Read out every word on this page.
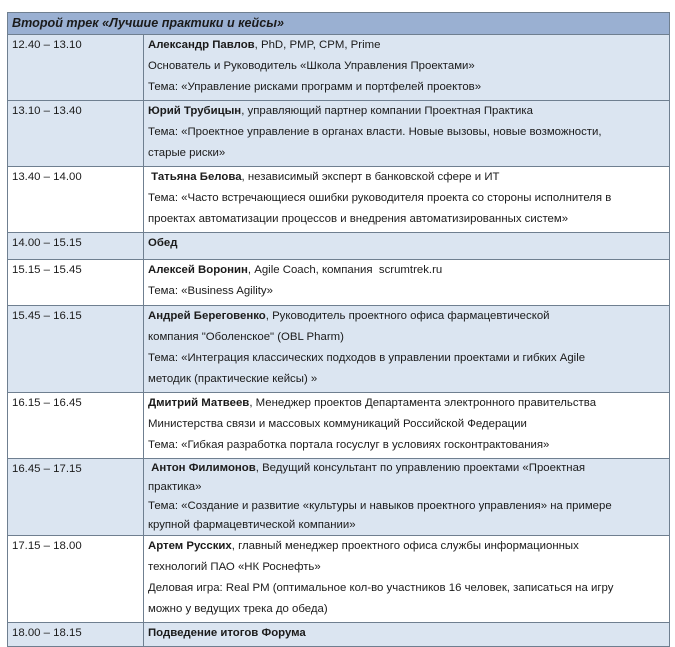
Второй трек «Лучшие практики и кейсы»	
12.40 – 13.10	Александр Павлов, PhD, PMP, CPM, Prime
Основатель и Руководитель «Школа Управления Проектами»
Тема: «Управление рисками программ и портфелей проектов»

13.10 – 13.40	Юрий Трубицын, управляющий партнер компании Проектная Практика
Тема: «Проектное управление в органах власти. Новые вызовы, новые возможности,
старые риски»

13.40 – 14.00	Татьяна Белова, независимый эксперт в банковской сфере и ИТ
Тема: «Часто встречающиеся ошибки руководителя проекта со стороны исполнителя в
проектах автоматизации процессов и внедрения автоматизированных систем»

14.00 – 15.15	Обед

15.15 – 15.45	Алексей Воронин, Agile Coach, компания  scrumtrek.ru
Тема: «Business Agility»

15.45 – 16.15	Андрей Береговенко, Руководитель проектного офиса фармацевтической
компания "Оболенское" (OBL Pharm)
Тема: «Интеграция классических подходов в управлении проектами и гибких Agile
методик (практические кейсы) »

16.15 – 16.45	Дмитрий Матвеев, Менеджер проектов Департамента электронного правительства
Министерства связи и массовых коммуникаций Российской Федерации
Тема: «Гибкая разработка портала госуслуг в условиях госконтрактования»

16.45 – 17.15	Антон Филимонов, Ведущий консультант по управлению проектами «Проектная
практика»
Тема: «Создание и развитие «культуры и навыков проектного управления» на примере
крупной фармацевтической компании»

17.15 – 18.00	Артем Русских, главный менеджер проектного офиса службы информационных
технологий ПАО «НК Роснефть»
Деловая игра: Real PM (оптимальное кол-во участников 16 человек, записаться на игру
можно у ведущих трека до обеда)

18.00 – 18.15	Подведение итогов Форума
